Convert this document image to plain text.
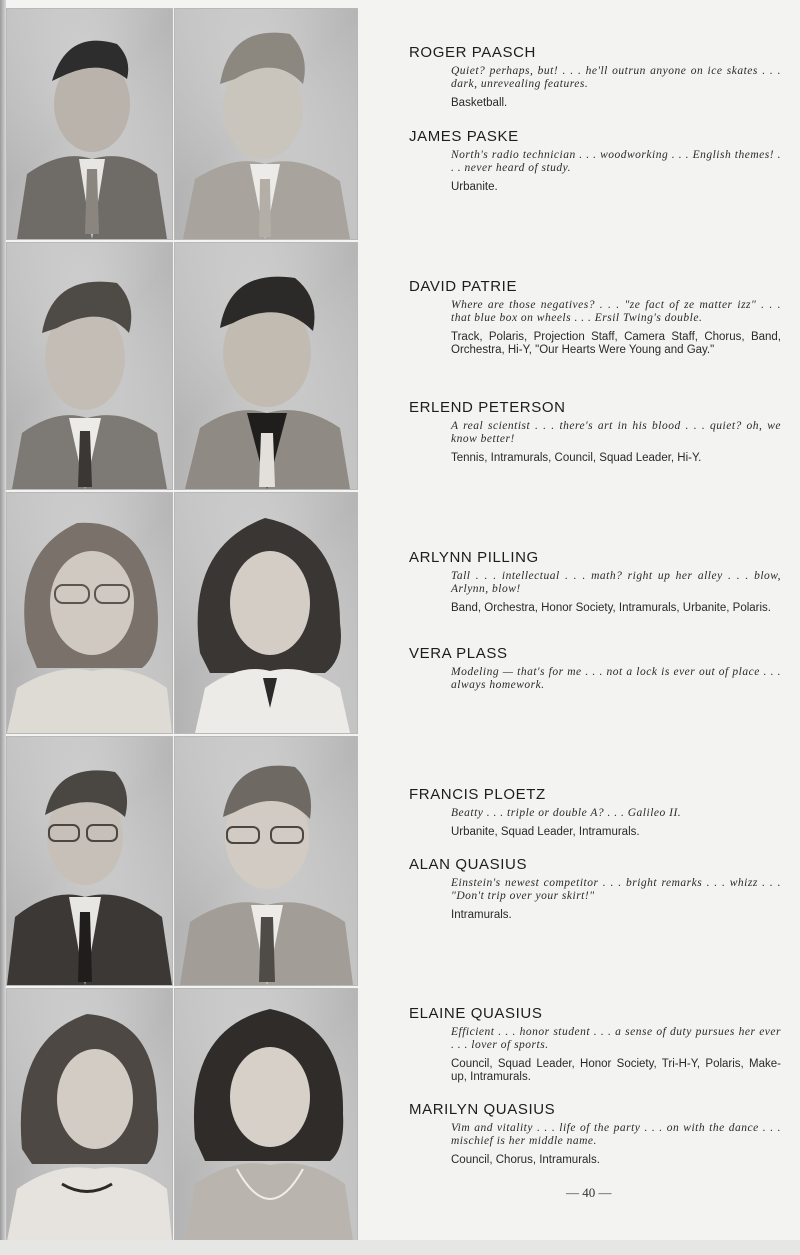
ROGER PAASCH

Quiet? perhaps, but! . . . he'll outrun anyone on ice skates . . . dark, unrevealing features.

Basketball.

JAMES PASKE

North's radio technician . . . woodworking . . . English themes! . . . never heard of study.

Urbanite.

DAVID PATRIE

Where are those negatives? . . . "ze fact of ze matter izz" . . . that blue box on wheels . . . Ersil Twing's double.

Track, Polaris, Projection Staff, Camera Staff, Chorus, Band, Orchestra, Hi-Y, "Our Hearts Were Young and Gay."

ERLEND PETERSON

A real scientist . . . there's art in his blood . . . quiet? oh, we know better!

Tennis, Intramurals, Council, Squad Leader, Hi-Y.

ARLYNN PILLING

Tall . . . intellectual . . . math? right up her alley . . . blow, Arlynn, blow!

Band, Orchestra, Honor Society, Intramurals, Urbanite, Polaris.

VERA PLASS

Modeling — that's for me . . . not a lock is ever out of place . . . always homework.

FRANCIS PLOETZ

Beatty . . . triple or double A? . . . Galileo II.

Urbanite, Squad Leader, Intramurals.

ALAN QUASIUS

Einstein's newest competitor . . . bright remarks . . . whizz . . . "Don't trip over your skirt!"

Intramurals.

ELAINE QUASIUS

Efficient . . . honor student . . . a sense of duty pursues her ever . . . lover of sports.

Council, Squad Leader, Honor Society, Tri-H-Y, Polaris, Make-up, Intramurals.

MARILYN QUASIUS

Vim and vitality . . . life of the party . . . on with the dance . . . mischief is her middle name.

Council, Chorus, Intramurals.

— 40 —
